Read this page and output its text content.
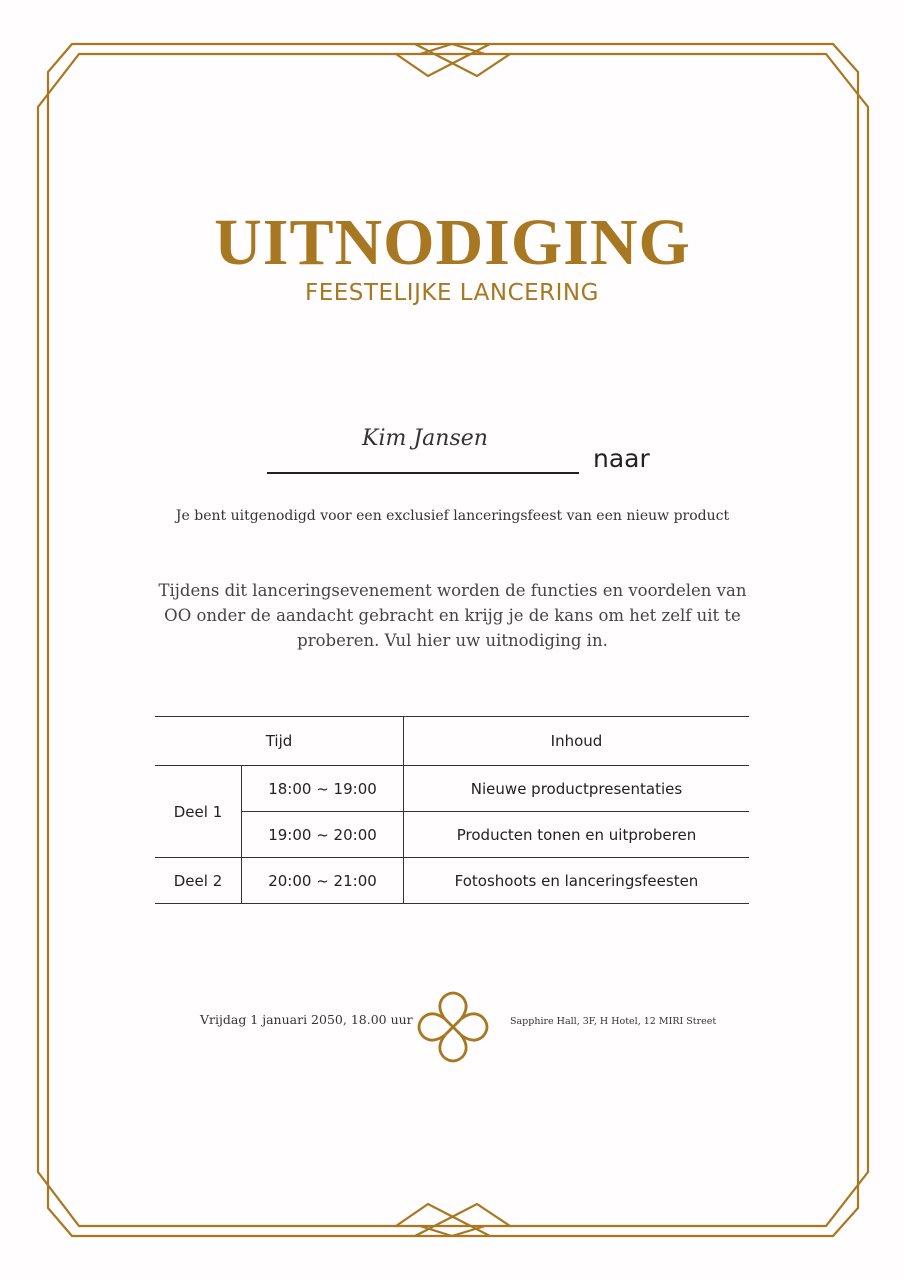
UITNODIGING
FEESTELIJKE LANCERING
Kim Jansen
naar
Je bent uitgenodigd voor een exclusief lanceringsfeest van een nieuw product
Tijdens dit lanceringsevenement worden de functies en voordelen van OO onder de aandacht gebracht en krijg je de kans om het zelf uit te proberen. Vul hier uw uitnodiging in.
Tijd		Inhoud
Deel 1	18:00 ~ 19:00	Nieuwe productpresentaties
	19:00 ~ 20:00	Producten tonen en uitproberen
Deel 2	20:00 ~ 21:00	Fotoshoots en lanceringsfeesten
Vrijdag 1 januari 2050, 18.00 uur	Sapphire Hall, 3F, H Hotel, 12 MIRI Street
